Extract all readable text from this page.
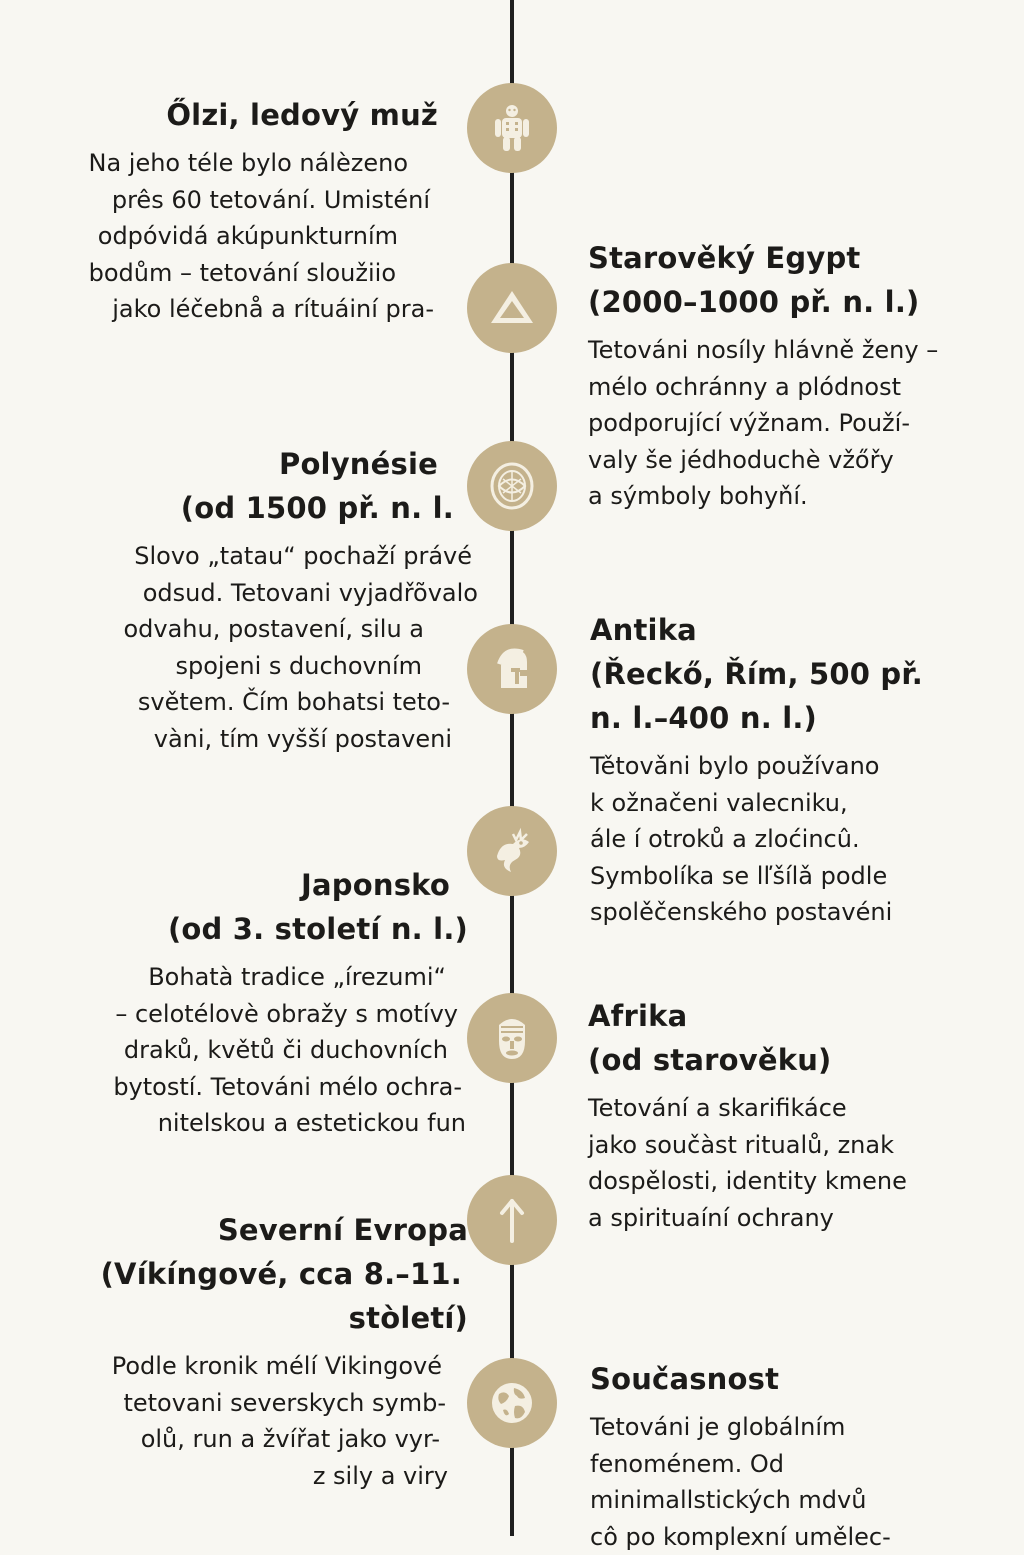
Őlzi, ledový muž

Na jeho téle bylo nálèzeno
prês 60 tetování. Umisténí
odpóvidá akúpunkturním
bodům – tetování sloužiio
jako léčebnå a rítuáiní pra-

Starověký Egypt
(2000–1000 př. n. l.)

Tetováni nosíly hlávně ženy –
mélo ochránny a plódnost
podporující výžnam. Použí-
valy še jédhoduchè vžőřy
a sýmboly bohyňí.

Polynésie
(od 1500 př. n. l.

Slovo „tatau“ pochaží právé
odsud. Tetovani vyjadřõvalo
odvahu, postavení, silu a
spojeni s duchovním
světem. Čím bohatsi teto-
vàni, tím vyšší postaveni

Antika
(Řeckő, Řím, 500 př.
n. l.–400 n. l.)

Tětovǎni bylo používano
k ožnačeni valecniku,
ále í otroků a zloćincû.
Symbolíka se lľšílǎ podle
spolěčenského postavéni

Japonsko
(od 3. století n. l.)

Bohatà tradice „írezumi“
– celotélovè obražy s motívy
draků, květů či duchovních
bytostí. Tetováni mélo ochra-
nitelskou a estetickou fun

Afrika
(od starověku)

Tetování a skarifikáce
jako součàst ritualů, znak
dospělosti, identity kmene
a spirituaíní ochrany

Severní Evropa
(Víkíngové, cca 8.–11.
stòletí)

Podle kronik mélí Vikingové
tetovani severskych symb-
olů, run a žvířat jako vyr-
z sily a viry

Současnost

Tetováni je globálním
fenoménem. Od
minimallstických mdvů
cô po komplexní umělec-
